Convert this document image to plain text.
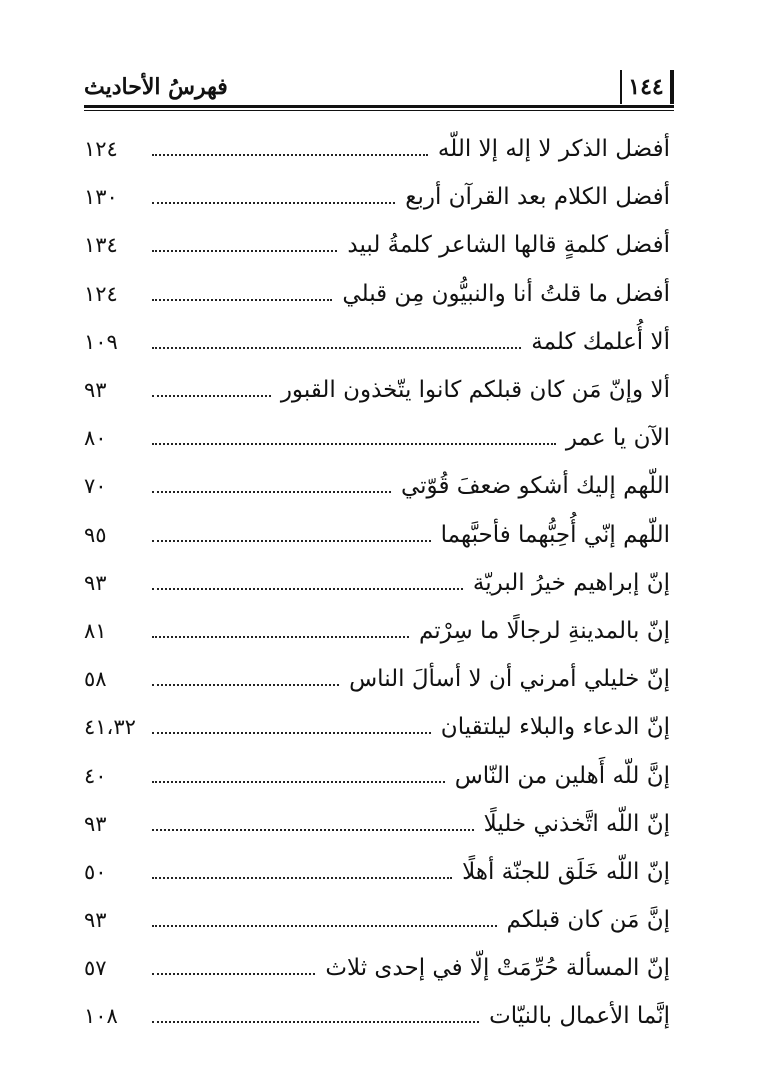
فهرسُ الأحاديث	١٤٤
أفضل الذكر لا إله إلا اللّه
١٢٤
أفضل الكلام بعد القرآن أربع
١٣٠
أفضل كلمةٍ قالها الشاعر كلمةُ لبيد
١٣٤
أفضل ما قلتُ أنا والنبيُّون مِن قبلي
١٢٤
ألا أُعلمك كلمة
١٠٩
ألا وإنّ مَن كان قبلكم كانوا يتّخذون القبور
٩٣
الآن يا عمر
٨٠
اللّهم إليك أشكو ضعفَ قُوّتي
٧٠
اللّهم إنّي أُحِبُّهما فأحبَّهما
٩٥
إنّ إبراهيم خيرُ البريّة
٩٣
إنّ بالمدينةِ لرجالًا ما سِرْتم
٨١
إنّ خليلي أمرني أن لا أسألَ الناس
٥٨
إنّ الدعاء والبلاء ليلتقيان
٤١،٣٢
إنَّ للّه أَهلين من النّاس
٤٠
إنّ اللّه اتَّخذني خليلًا
٩٣
إنّ اللّه خَلَق للجنّة أهلًا
٥٠
إنَّ مَن كان قبلكم
٩٣
إنّ المسألة حُرِّمَتْ إلّا في إحدى ثلاث
٥٧
إنَّما الأعمال بالنيّات
١٠٨
